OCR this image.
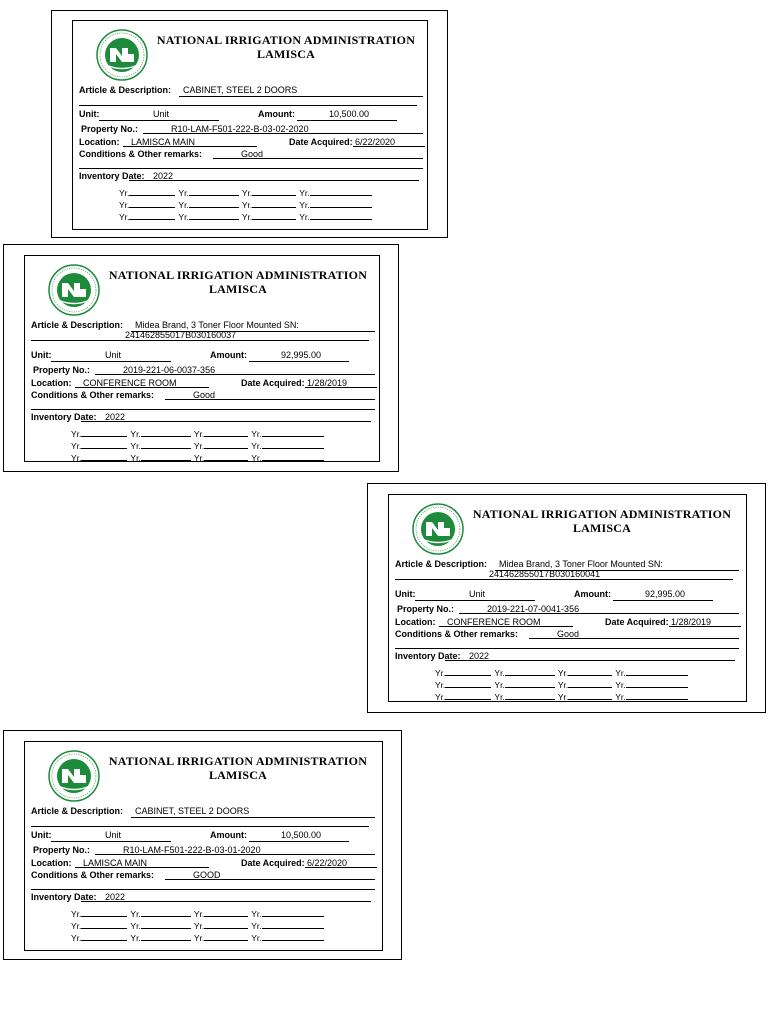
NATIONAL IRRIGATION ADMINISTRATION
LAMISCA
Article & Description: CABINET, STEEL 2 DOORS
Unit:	Unit	Amount:	10,500.00
Property No.:	R10-LAM-F501-222-B-03-02-2020
Location: LAMISCA MAIN	Date Acquired: 6/22/2020
Conditions & Other remarks:	Good
Inventory Date: 2022
Yr.	Yr.	Yr.	Yr.
Yr.	Yr.	Yr.	Yr.
Yr.	Yr.	Yr.	Yr.
NATIONAL IRRIGATION ADMINISTRATION
LAMISCA
Article & Description: Midea Brand, 3 Toner Floor Mounted SN:
241462855017B030160037
Unit:	Unit	Amount:	92,995.00
Property No.:	2019-221-06-0037-356
Location: CONFERENCE ROOM	Date Acquired: 1/28/2019
Conditions & Other remarks:	Good
Inventory Date: 2022
Yr.	Yr.	Yr.	Yr.
Yr.	Yr.	Yr.	Yr.
Yr.	Yr.	Yr.	Yr.
NATIONAL IRRIGATION ADMINISTRATION
LAMISCA
Article & Description: Midea Brand, 3 Toner Floor Mounted SN:
241462855017B030160041
Unit:	Unit	Amount:	92,995.00
Property No.:	2019-221-07-0041-356
Location: CONFERENCE ROOM	Date Acquired: 1/28/2019
Conditions & Other remarks:	Good
Inventory Date: 2022
Yr.	Yr.	Yr.	Yr.
Yr.	Yr.	Yr.	Yr.
Yr.	Yr.	Yr.	Yr.
NATIONAL IRRIGATION ADMINISTRATION
LAMISCA
Article & Description: CABINET, STEEL 2 DOORS
Unit:	Unit	Amount:	10,500.00
Property No.:	R10-LAM-F501-222-B-03-01-2020
Location: LAMISCA MAIN	Date Acquired: 6/22/2020
Conditions & Other remarks:	GOOD
Inventory Date: 2022
Yr.	Yr.	Yr.	Yr.
Yr.	Yr.	Yr.	Yr.
Yr.	Yr.	Yr.	Yr.
